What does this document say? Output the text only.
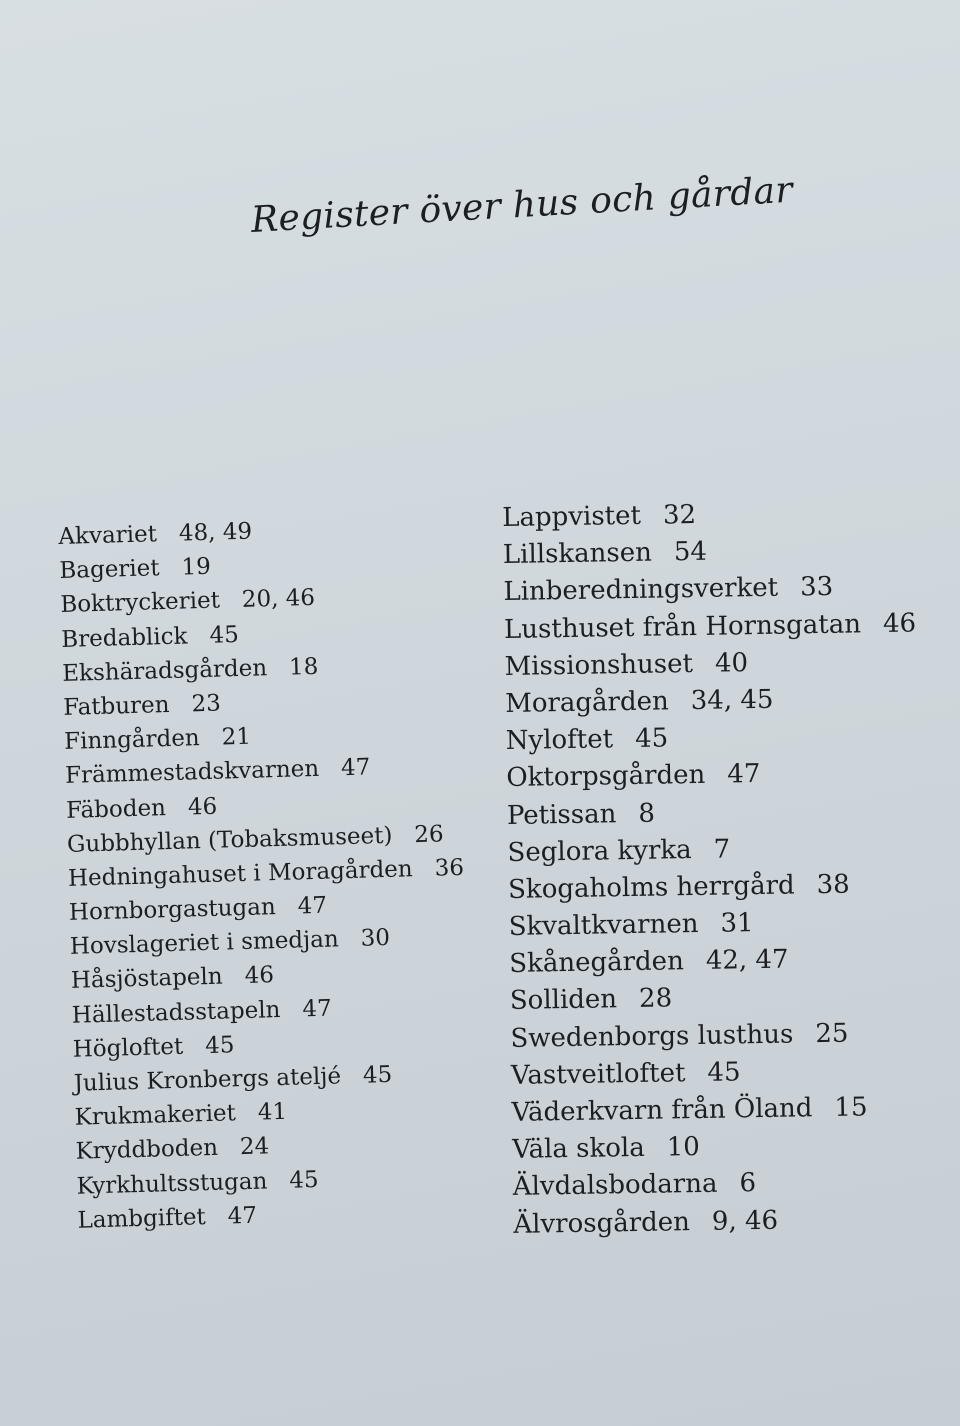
Register över hus och gårdar
Akvariet 48, 49
Bageriet 19
Boktryckeriet 20, 46
Bredablick 45
Ekshäradsgården 18
Fatburen 23
Finngården 21
Främmestadskvarnen 47
Fäboden 46
Gubbhyllan (Tobaksmuseet) 26
Hedningahuset i Moragården 36
Hornborgastugan 47
Hovslageriet i smedjan 30
Håsjöstapeln 46
Hällestadsstapeln 47
Högloftet 45
Julius Kronbergs ateljé 45
Krukmakeriet 41
Kryddboden 24
Kyrkhultsstugan 45
Lambgiftet 47
Lappvistet 32
Lillskansen 54
Linberedningsverket 33
Lusthuset från Hornsgatan 46
Missionshuset 40
Moragården 34, 45
Nyloftet 45
Oktorpsgården 47
Petissan 8
Seglora kyrka 7
Skogaholms herrgård 38
Skvaltkvarnen 31
Skånegården 42, 47
Solliden 28
Swedenborgs lusthus 25
Vastveitloftet 45
Väderkvarn från Öland 15
Väla skola 10
Älvdalsbodarna 6
Älvrosgården 9, 46
